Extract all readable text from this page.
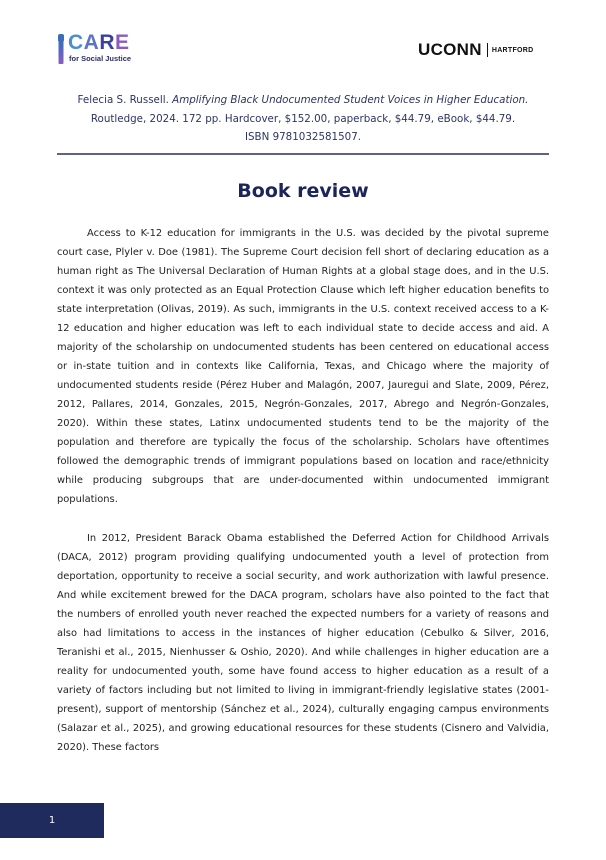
CARE
for Social Justice	UCONN HARTFORD
Felecia S. Russell. Amplifying Black Undocumented Student Voices in Higher Education.
Routledge, 2024. 172 pp. Hardcover, $152.00, paperback, $44.79, eBook, $44.79.
ISBN 9781032581507.
Book review

Access to K-12 education for immigrants in the U.S. was decided by the pivotal supreme court case, Plyler v. Doe (1981). The Supreme Court decision fell short of declaring education as a human right as The Universal Declaration of Human Rights at a global stage does, and in the U.S. context it was only protected as an Equal Protection Clause which left higher education benefits to state interpretation (Olivas, 2019). As such, immigrants in the U.S. context received access to a K-12 education and higher education was left to each individual state to decide access and aid. A majority of the scholarship on undocumented students has been centered on educational access or in-state tuition and in contexts like California, Texas, and Chicago where the majority of undocumented students reside (Pérez Huber and Malagón, 2007, Jauregui and Slate, 2009, Pérez, 2012, Pallares, 2014, Gonzales, 2015, Negrón-Gonzales, 2017, Abrego and Negrón-Gonzales, 2020). Within these states, Latinx undocumented students tend to be the majority of the population and therefore are typically the focus of the scholarship. Scholars have oftentimes followed the demographic trends of immigrant populations based on location and race/ethnicity while producing subgroups that are under-documented within undocumented immigrant populations.

In 2012, President Barack Obama established the Deferred Action for Childhood Arrivals (DACA, 2012) program providing qualifying undocumented youth a level of protection from deportation, opportunity to receive a social security, and work authorization with lawful presence. And while excitement brewed for the DACA program, scholars have also pointed to the fact that the numbers of enrolled youth never reached the expected numbers for a variety of reasons and also had limitations to access in the instances of higher education (Cebulko & Silver, 2016, Teranishi et al., 2015, Nienhusser & Oshio, 2020). And while challenges in higher education are a reality for undocumented youth, some have found access to higher education as a result of a variety of factors including but not limited to living in immigrant-friendly legislative states (2001-present), support of mentorship (Sánchez et al., 2024), culturally engaging campus environments (Salazar et al., 2025), and growing educational resources for these students (Cisnero and Valvidia, 2020). These factors

1
